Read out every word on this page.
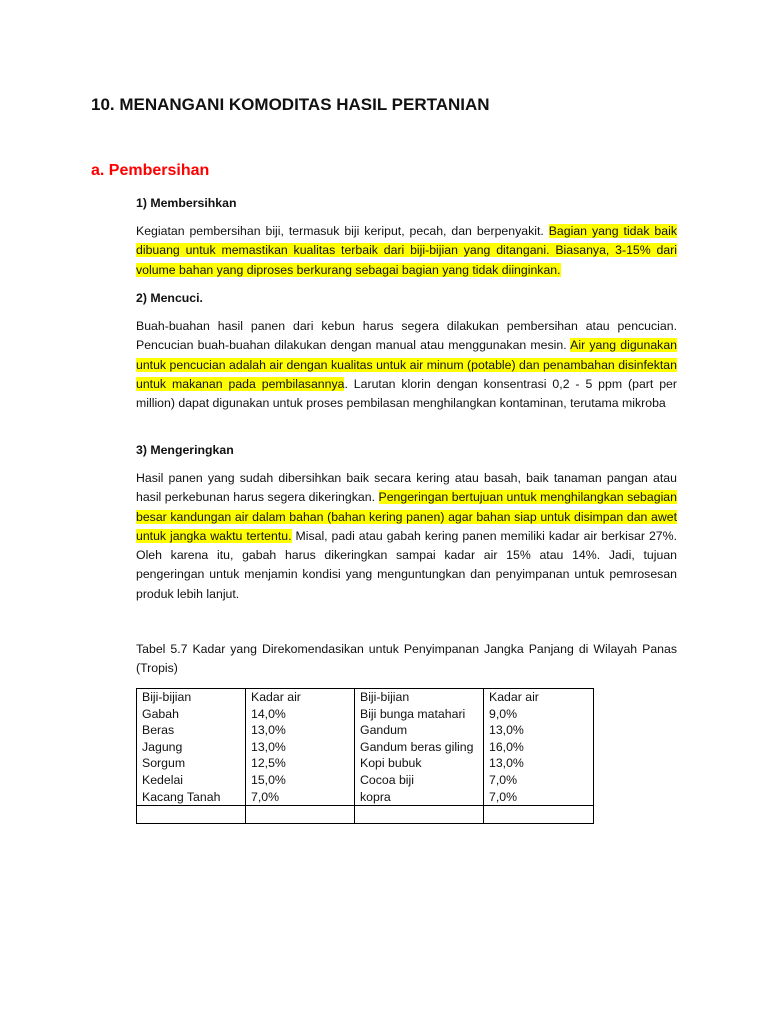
10. MENANGANI KOMODITAS HASIL PERTANIAN
a. Pembersihan
1) Membersihkan

Kegiatan pembersihan biji, termasuk biji keriput, pecah, dan berpenyakit. Bagian yang tidak baik dibuang untuk memastikan kualitas terbaik dari biji-bijian yang ditangani. Biasanya, 3-15% dari volume bahan yang diproses berkurang sebagai bagian yang tidak diinginkan.

2) Mencuci.

Buah-buahan hasil panen dari kebun harus segera dilakukan pembersihan atau pencucian. Pencucian buah-buahan dilakukan dengan manual atau menggunakan mesin. Air yang digunakan untuk pencucian adalah air dengan kualitas untuk air minum (potable) dan penambahan disinfektan untuk makanan pada pembilasannya. Larutan klorin dengan konsentrasi 0,2 - 5 ppm (part per million) dapat digunakan untuk proses pembilasan menghilangkan kontaminan, terutama mikroba

3) Mengeringkan

Hasil panen yang sudah dibersihkan baik secara kering atau basah, baik tanaman pangan atau hasil perkebunan harus segera dikeringkan. Pengeringan bertujuan untuk menghilangkan sebagian besar kandungan air dalam bahan (bahan kering panen) agar bahan siap untuk disimpan dan awet untuk jangka waktu tertentu. Misal, padi atau gabah kering panen memiliki kadar air berkisar 27%. Oleh karena itu, gabah harus dikeringkan sampai kadar air 15% atau 14%. Jadi, tujuan pengeringan untuk menjamin kondisi yang menguntungkan dan penyimpanan untuk pemrosesan produk lebih lanjut.

Tabel 5.7 Kadar yang Direkomendasikan untuk Penyimpanan Jangka Panjang di Wilayah Panas (Tropis)

Biji-bijian	Kadar air	Biji-bijian	Kadar air
Gabah	14,0%	Biji bunga matahari	9,0%
Beras	13,0%	Gandum	13,0%
Jagung	13,0%	Gandum beras giling	16,0%
Sorgum	12,5%	Kopi bubuk	13,0%
Kedelai	15,0%	Cocoa biji	7,0%
Kacang Tanah	7,0%	kopra	7,0%
